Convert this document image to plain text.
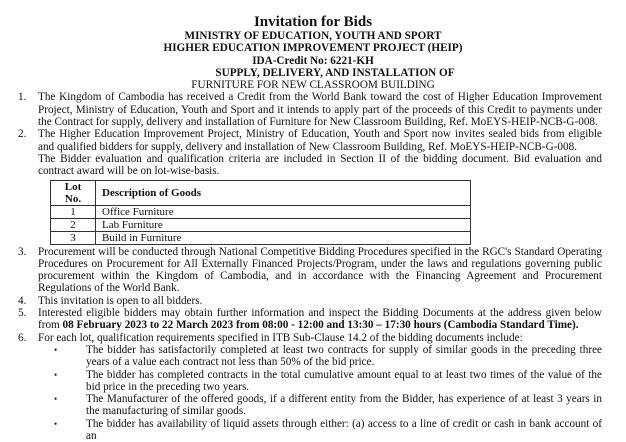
Invitation for Bids
MINISTRY OF EDUCATION, YOUTH AND SPORT
HIGHER EDUCATION IMPROVEMENT PROJECT (HEIP)
IDA-Credit No: 6221-KH
SUPPLY, DELIVERY, AND INSTALLATION OF
FURNITURE FOR NEW CLASSROOM BUILDING
1. The Kingdom of Cambodia has received a Credit from the World Bank toward the cost of Higher Education Improvement Project, Ministry of Education, Youth and Sport and it intends to apply part of the proceeds of this Credit to payments under the Contract for supply, delivery and installation of Furniture for New Classroom Building, Ref. MoEYS-HEIP-NCB-G-008.

2. The Higher Education Improvement Project, Ministry of Education, Youth and Sport now invites sealed bids from eligible and qualified bidders for supply, delivery and installation of New Classroom Building, Ref. MoEYS-HEIP-NCB-G-008.

The Bidder evaluation and qualification criteria are included in Section II of the bidding document. Bid evaluation and contract award will be on lot-wise-basis.

Lot No.	Description of Goods
1	Office Furniture
2	Lab Furniture
3	Build in Furniture
3. Procurement will be conducted through National Competitive Bidding Procedures specified in the RGC's Standard Operating Procedures on Procurement for All Externally Financed Projects/Program, under the laws and regulations governing public procurement within the Kingdom of Cambodia, and in accordance with the Financing Agreement and Procurement Regulations of the World Bank.

4. This invitation is open to all bidders.

5. Interested eligible bidders may obtain further information and inspect the Bidding Documents at the address given below from 08 February 2023 to 22 March 2023 from 08:00 - 12:00 and 13:30 – 17:30 hours (Cambodia Standard Time).

6. For each lot, qualification requirements specified in ITB Sub-Clause 14.2 of the bidding documents include:

•	The bidder has satisfactorily completed at least two contracts for supply of similar goods in the preceding three years of a value each contract not less than 50% of the bid price.
•	The bidder has completed contracts in the total cumulative amount equal to at least two times of the value of the bid price in the preceding two years.
•	The Manufacturer of the offered goods, if a different entity from the Bidder, has experience of at least 3 years in the manufacturing of similar goods.
•	The bidder has availability of liquid assets through either: (a) access to a line of credit or cash in bank account of an
